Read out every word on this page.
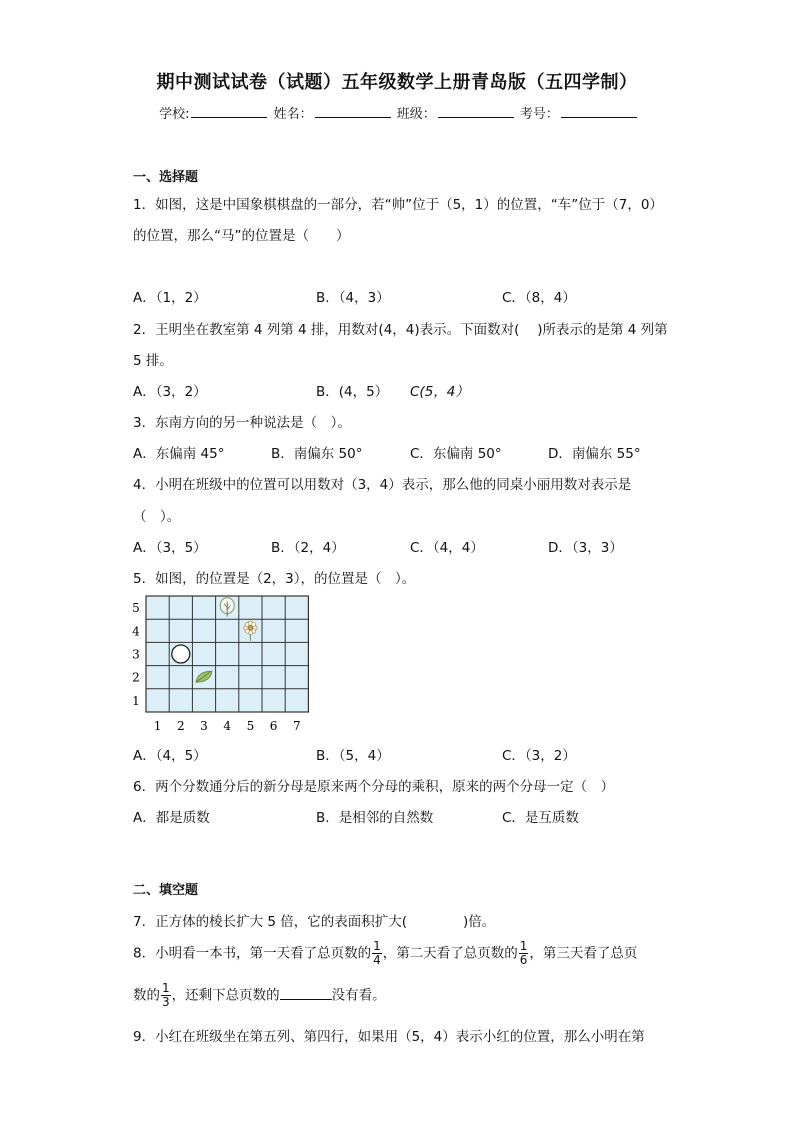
期中测试试卷（试题）五年级数学上册青岛版（五四学制）
学校:	姓名：	班级：	考号：
一、选择题
1．如图，这是中国象棋棋盘的一部分，若“帅”位于（5，1）的位置，“车”位于（7，0）
的位置，那么“马”的位置是（　　）
A．（1，2）	B．（4，3）	C．（8，4）
2．王明坐在教室第 4 列第 4 排，用数对(4，4)表示。下面数对(　 )所表示的是第 4 列第
5 排。
A．（3，2）	B．(4，5） C(5，4）
3．东南方向的另一种说法是（　）。
A．东偏南 45°	B．南偏东 50°	C．东偏南 50°	D．南偏东 55°
4．小明在班级中的位置可以用数对（3，4）表示，那么他的同桌小丽用数对表示是
（　）。
A．（3，5）	B．（2，4）	C．（4，4）	D．（3，3）
5．如图，的位置是（2，3），的位置是（　）。
5
4
3
2
1
1 2 3 4 5 6 7
A．（4，5）	B．（5，4）	C．（3，2）
6．两个分数通分后的新分母是原来两个分母的乘积，原来的两个分母一定（　）
A．都是质数	B．是相邻的自然数	C．是互质数
二、填空题
7．正方体的棱长扩大 5 倍，它的表面积扩大(	)倍。
8．小明看一本书，第一天看了总页数的 $\frac{1}{4}$ ，第二天看了总页数的 $\frac{1}{6}$ ，第三天看了总页
数的 $\frac{1}{3}$ ，还剩下总页数的	没有看。
9．小红在班级坐在第五列、第四行，如果用（5，4）表示小红的位置，那么小明在第
